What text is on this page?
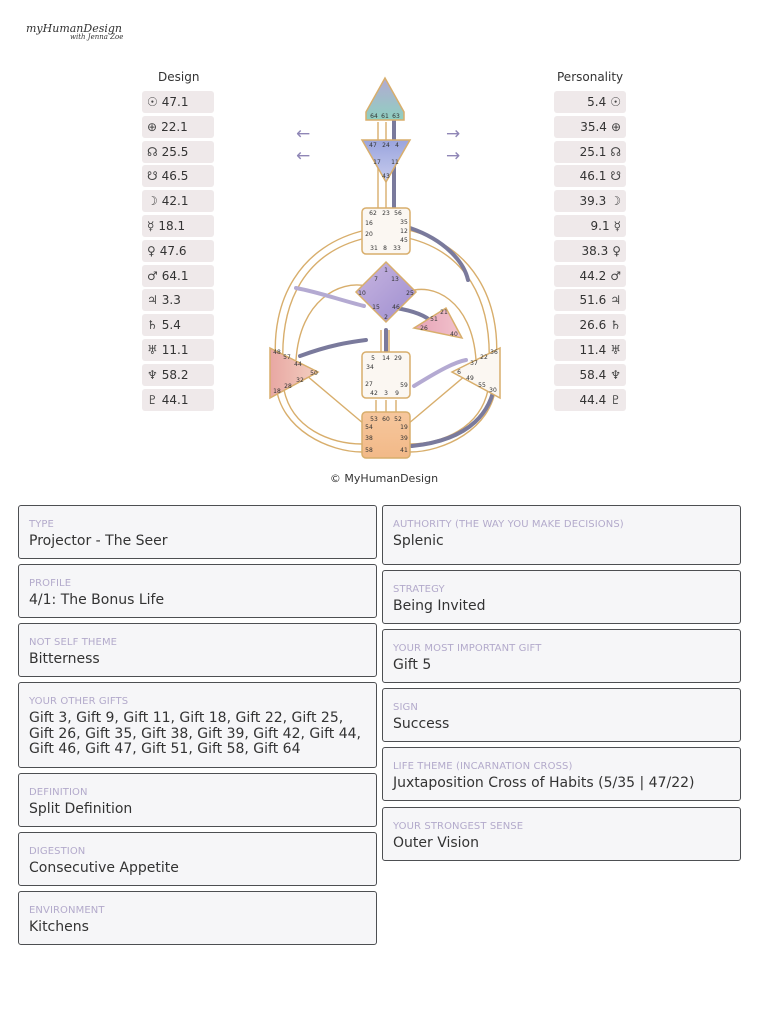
myHumanDesign
with Jenna Zoe
Design	Personality
☉ 47.1
⊕ 22.1
☊ 25.5
☋ 46.5
☽ 42.1
☿ 18.1
♀ 47.6
♂ 64.1
♃ 3.3
♄ 5.4
♅ 11.1
♆ 58.2
♇ 44.1
5.4 ☉
35.4 ⊕
25.1 ☊
46.1 ☋
39.3 ☽
9.1 ☿
38.3 ♀
44.2 ♂
51.6 ♃
26.6 ♄
11.4 ♅
58.4 ♆
44.4 ♇
←
←
→
→
64 61 63
47 24 4
17 11
43
62 23 56
16	35
20	12
45
31 8 33
1
7 13
10	25
15 46
2
21
51
26
40
48
57
44
50
32
28
18
5 14 29
34
27	59
42 3 9
36
22
37
6
49
55
30
53 60 52
54	19
38	39
58	41
© MyHumanDesign
TYPE
Projector - The Seer
PROFILE
4/1: The Bonus Life
NOT SELF THEME
Bitterness
YOUR OTHER GIFTS
Gift 3, Gift 9, Gift 11, Gift 18, Gift 22, Gift 25, Gift 26, Gift 35, Gift 38, Gift 39, Gift 42, Gift 44, Gift 46, Gift 47, Gift 51, Gift 58, Gift 64
DEFINITION
Split Definition
DIGESTION
Consecutive Appetite
ENVIRONMENT
Kitchens
AUTHORITY (THE WAY YOU MAKE DECISIONS)
Splenic
STRATEGY
Being Invited
YOUR MOST IMPORTANT GIFT
Gift 5
SIGN
Success
LIFE THEME (INCARNATION CROSS)
Juxtaposition Cross of Habits (5/35 | 47/22)
YOUR STRONGEST SENSE
Outer Vision
